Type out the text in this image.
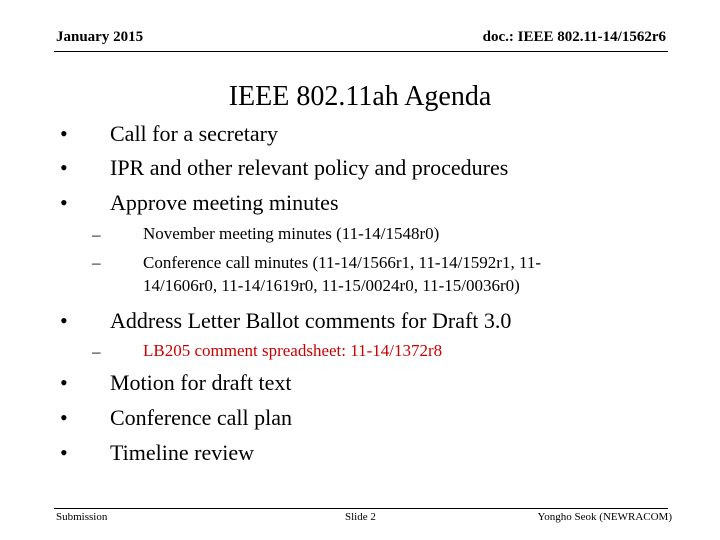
January 2015	doc.: IEEE 802.11-14/1562r6
IEEE 802.11ah Agenda
• Call for a secretary
• IPR and other relevant policy and procedures
• Approve meeting minutes
–	November meeting minutes (11-14/1548r0)
–	Conference call minutes (11-14/1566r1, 11-14/1592r1, 11-
14/1606r0, 11-14/1619r0, 11-15/0024r0, 11-15/0036r0)
• Address Letter Ballot comments for Draft 3.0
–	LB205 comment spreadsheet: 11-14/1372r8
• Motion for draft text
• Conference call plan
• Timeline review
Submission	Slide 2	Yongho Seok (NEWRACOM)
